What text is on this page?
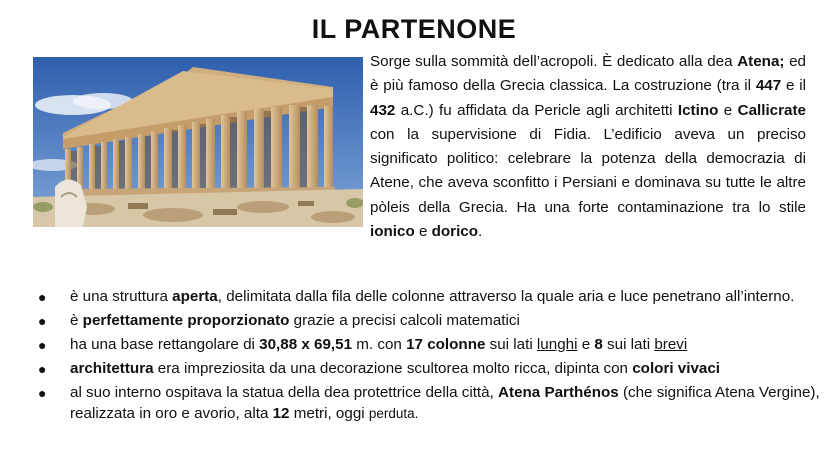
IL PARTENONE
Sorge sulla sommità dell’acropoli. È dedicato alla dea Atena; ed è più famoso della Grecia classica. La costruzione (tra il 447 e il 432 a.C.) fu affidata da Pericle agli architetti Ictino e Callicrate con la supervisione di Fidia. L’edificio aveva un preciso significato politico: celebrare la potenza della democrazia di Atene, che aveva sconfitto i Persiani e dominava su tutte le altre pòleis della Grecia. Ha una forte contaminazione tra lo stile ionico e dorico.
● è una struttura aperta, delimitata dalla fila delle colonne attraverso la quale aria e luce penetrano all’interno.
● è perfettamente proporzionato grazie a precisi calcoli matematici
● ha una base rettangolare di 30,88 x 69,51 m. con 17 colonne sui lati lunghi e 8 sui lati brevi
● architettura era impreziosita da una decorazione scultorea molto ricca, dipinta con colori vivaci
● al suo interno ospitava la statua della dea protettrice della città, Atena Parthénos (che significa Atena Vergine), realizzata in oro e avorio, alta 12 metri, oggi perduta.
